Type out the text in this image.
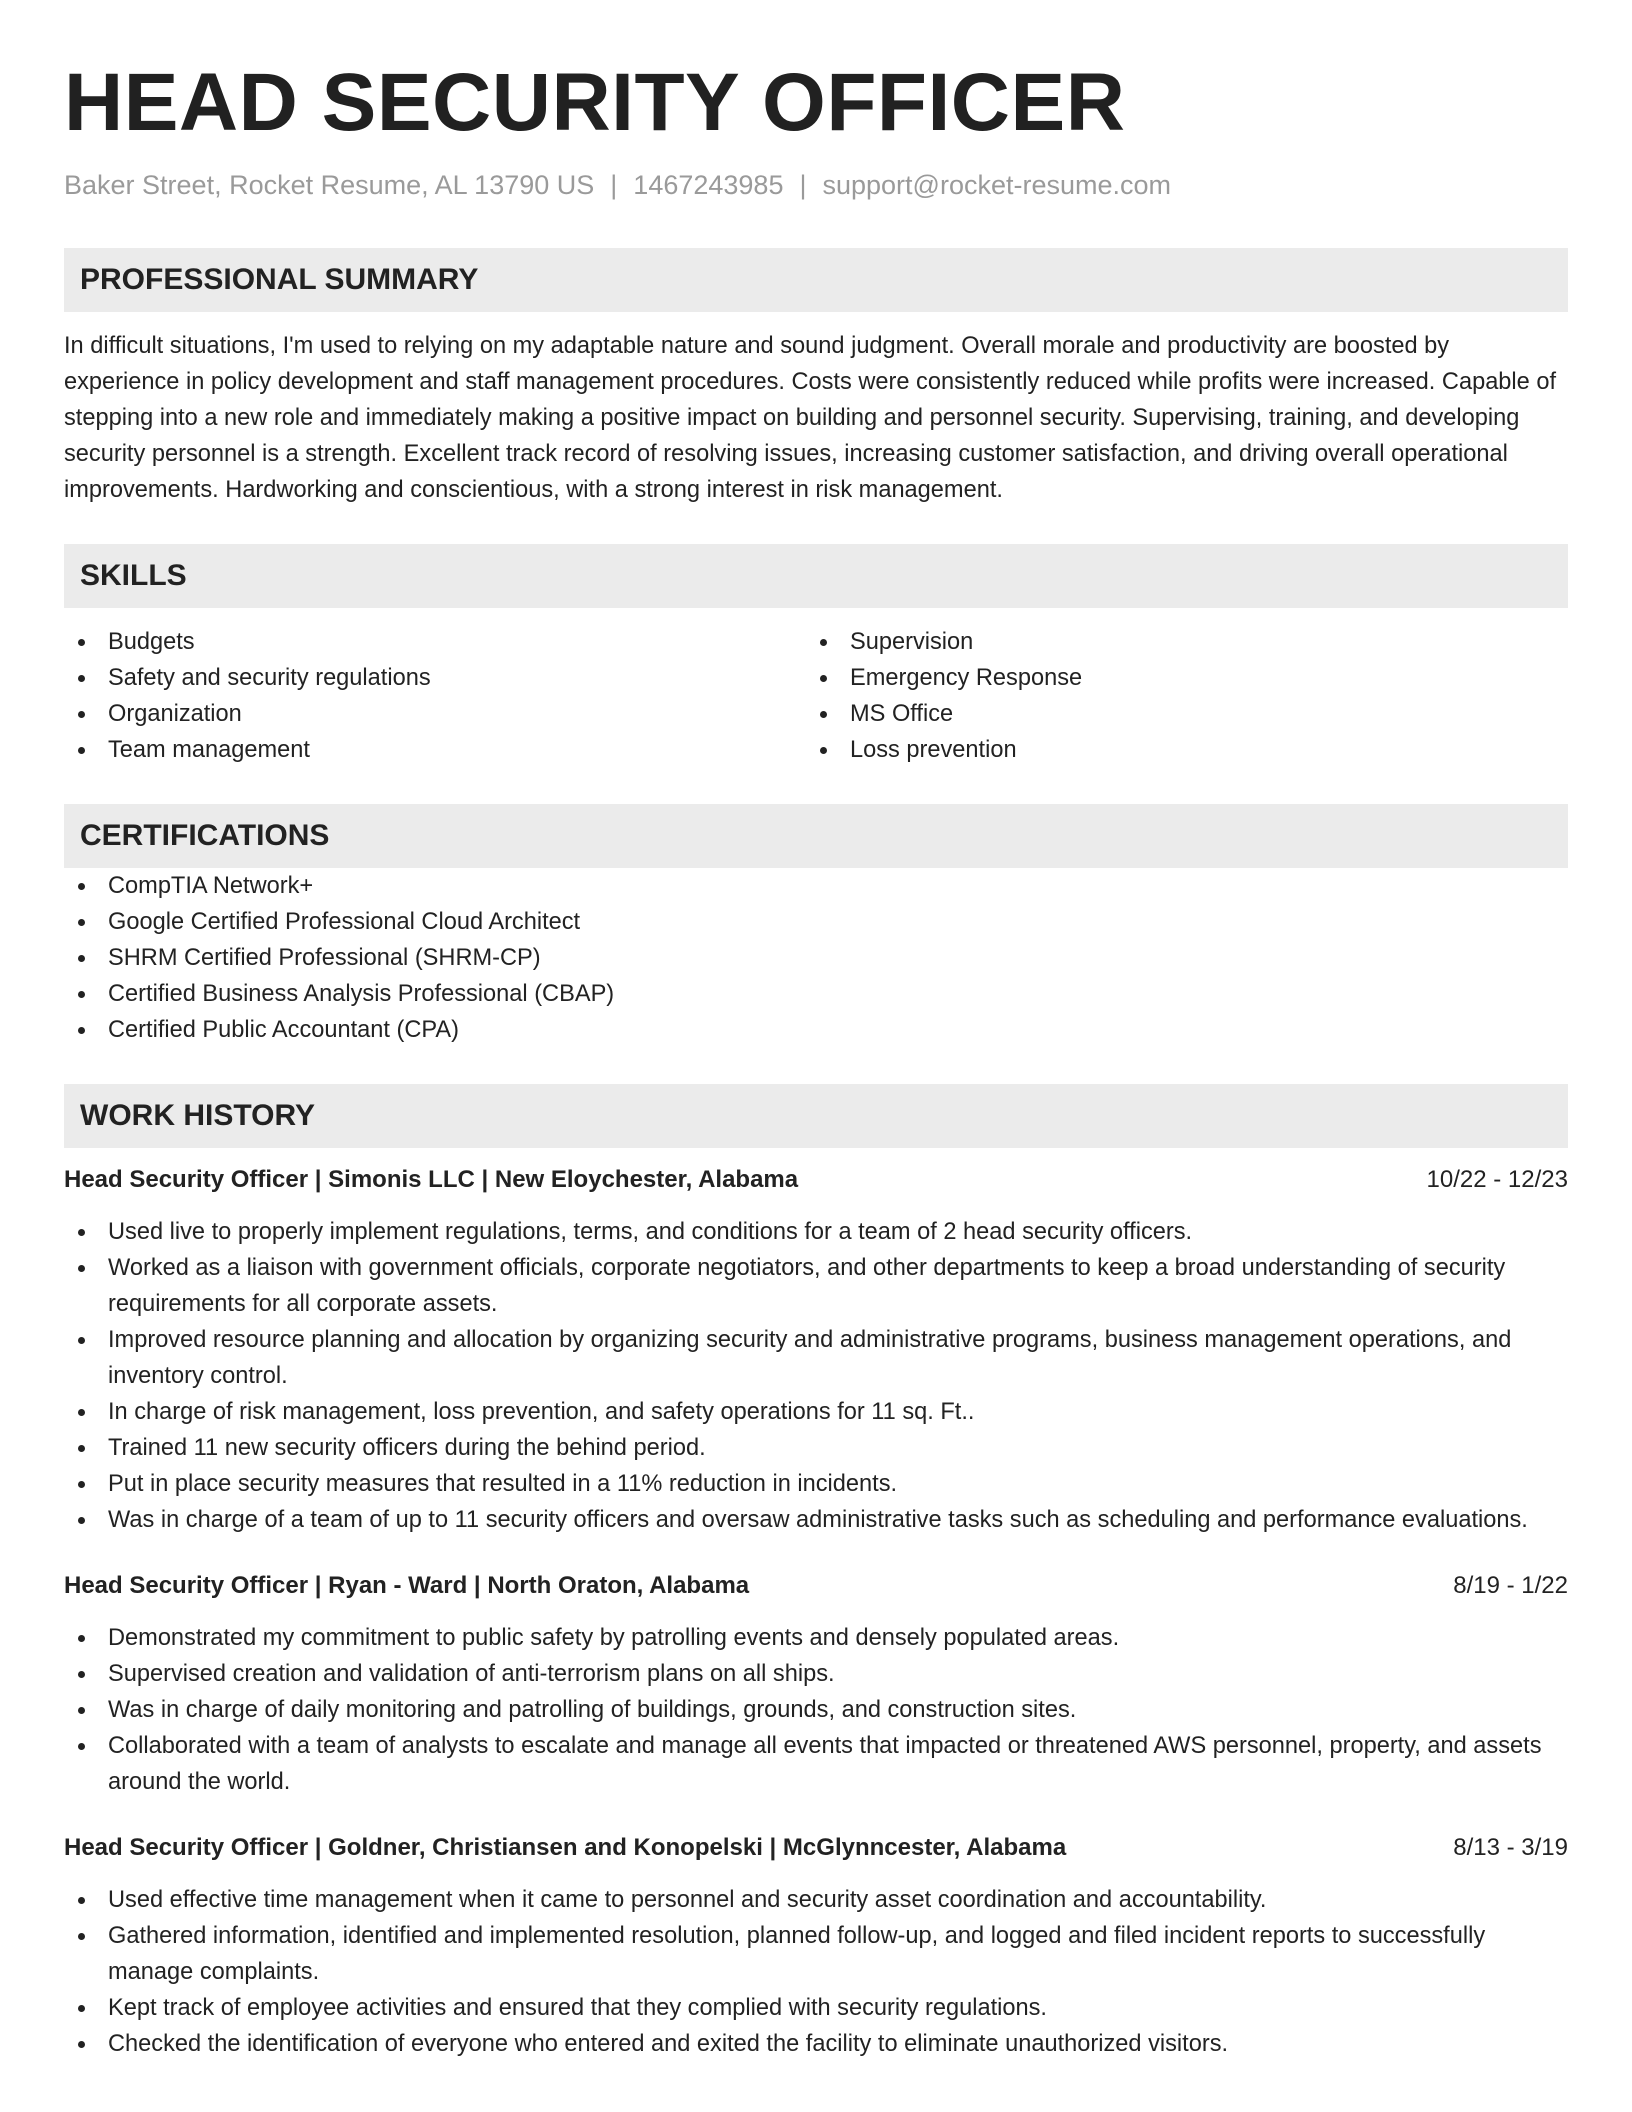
HEAD SECURITY OFFICER
Baker Street, Rocket Resume, AL 13790 US | 1467243985 | support@rocket-resume.com
PROFESSIONAL SUMMARY
In difficult situations, I'm used to relying on my adaptable nature and sound judgment. Overall morale and productivity are boosted by experience in policy development and staff management procedures. Costs were consistently reduced while profits were increased. Capable of stepping into a new role and immediately making a positive impact on building and personnel security. Supervising, training, and developing security personnel is a strength. Excellent track record of resolving issues, increasing customer satisfaction, and driving overall operational improvements. Hardworking and conscientious, with a strong interest in risk management.
SKILLS
Budgets
Safety and security regulations
Organization
Team management
Supervision
Emergency Response
MS Office
Loss prevention
CERTIFICATIONS
CompTIA Network+
Google Certified Professional Cloud Architect
SHRM Certified Professional (SHRM-CP)
Certified Business Analysis Professional (CBAP)
Certified Public Accountant (CPA)
WORK HISTORY
Head Security Officer | Simonis LLC | New Eloychester, Alabama	10/22 - 12/23
Used live to properly implement regulations, terms, and conditions for a team of 2 head security officers.
Worked as a liaison with government officials, corporate negotiators, and other departments to keep a broad understanding of security requirements for all corporate assets.
Improved resource planning and allocation by organizing security and administrative programs, business management operations, and inventory control.
In charge of risk management, loss prevention, and safety operations for 11 sq. Ft..
Trained 11 new security officers during the behind period.
Put in place security measures that resulted in a 11% reduction in incidents.
Was in charge of a team of up to 11 security officers and oversaw administrative tasks such as scheduling and performance evaluations.
Head Security Officer | Ryan - Ward | North Oraton, Alabama	8/19 - 1/22
Demonstrated my commitment to public safety by patrolling events and densely populated areas.
Supervised creation and validation of anti-terrorism plans on all ships.
Was in charge of daily monitoring and patrolling of buildings, grounds, and construction sites.
Collaborated with a team of analysts to escalate and manage all events that impacted or threatened AWS personnel, property, and assets around the world.
Head Security Officer | Goldner, Christiansen and Konopelski | McGlynncester, Alabama	8/13 - 3/19
Used effective time management when it came to personnel and security asset coordination and accountability.
Gathered information, identified and implemented resolution, planned follow-up, and logged and filed incident reports to successfully manage complaints.
Kept track of employee activities and ensured that they complied with security regulations.
Checked the identification of everyone who entered and exited the facility to eliminate unauthorized visitors.
